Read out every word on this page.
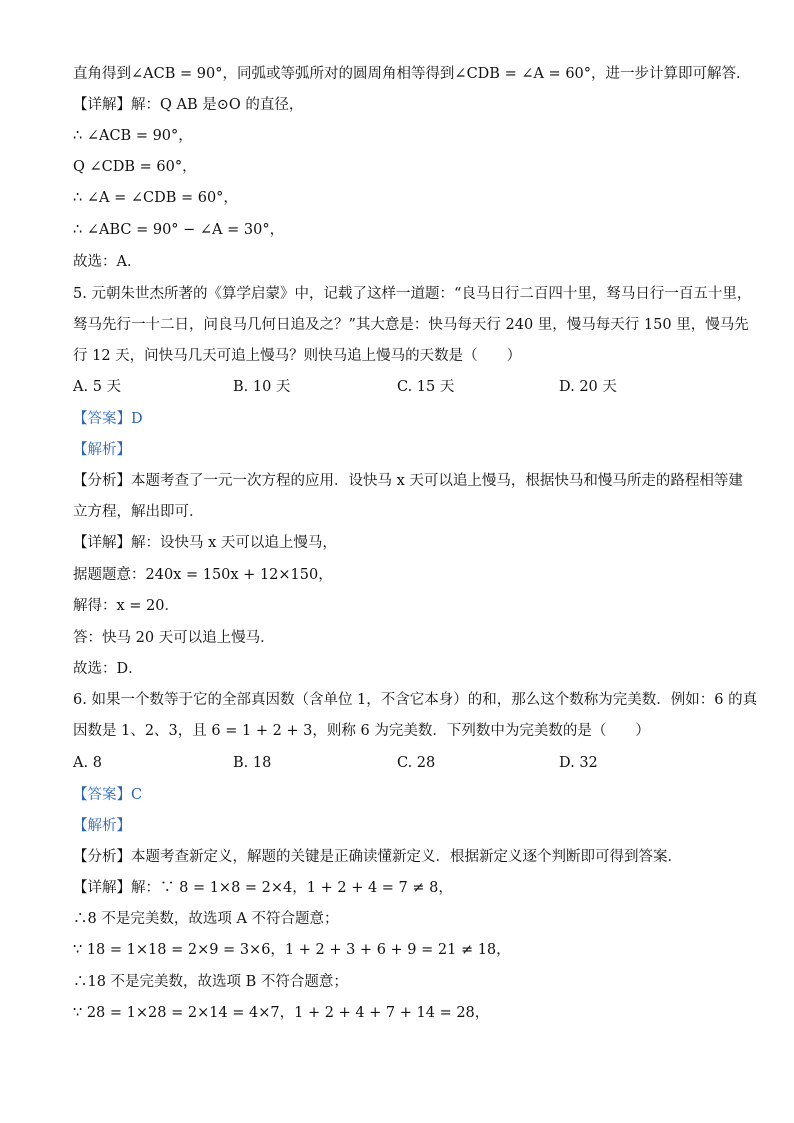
直角得到∠ACB = 90°，同弧或等弧所对的圆周角相等得到∠CDB = ∠A = 60°，进一步计算即可解答．
【详解】解：Q AB 是⊙O 的直径，
∴ ∠ACB = 90°，
Q ∠CDB = 60°，
∴ ∠A = ∠CDB = 60°，
∴ ∠ABC = 90° − ∠A = 30°，
故选：A．
5. 元朝朱世杰所著的《算学启蒙》中，记载了这样一道题：“良马日行二百四十里，驽马日行一百五十里，
驽马先行一十二日，问良马几何日追及之？”其大意是：快马每天行 240 里，慢马每天行 150 里，慢马先
行 12 天，问快马几天可追上慢马？则快马追上慢马的天数是（　　）
A. 5 天	B. 10 天	C. 15 天	D. 20 天
【答案】D
【解析】
【分析】本题考查了一元一次方程的应用．设快马 x 天可以追上慢马，根据快马和慢马所走的路程相等建
立方程，解出即可．
【详解】解：设快马 x 天可以追上慢马，
据题题意：240x = 150x + 12×150，
解得：x = 20．
答：快马 20 天可以追上慢马．
故选：D．
6. 如果一个数等于它的全部真因数（含单位 1，不含它本身）的和，那么这个数称为完美数．例如：6 的真
因数是 1、2、3，且 6 = 1 + 2 + 3，则称 6 为完美数．下列数中为完美数的是（　　）
A. 8	B. 18	C. 28	D. 32
【答案】C
【解析】
【分析】本题考查新定义，解题的关键是正确读懂新定义．根据新定义逐个判断即可得到答案．
【详解】解：∵ 8 = 1×8 = 2×4，1 + 2 + 4 = 7 ≠ 8，
∴8 不是完美数，故选项 A 不符合题意；
∵ 18 = 1×18 = 2×9 = 3×6，1 + 2 + 3 + 6 + 9 = 21 ≠ 18，
∴18 不是完美数，故选项 B 不符合题意；
∵ 28 = 1×28 = 2×14 = 4×7，1 + 2 + 4 + 7 + 14 = 28，
